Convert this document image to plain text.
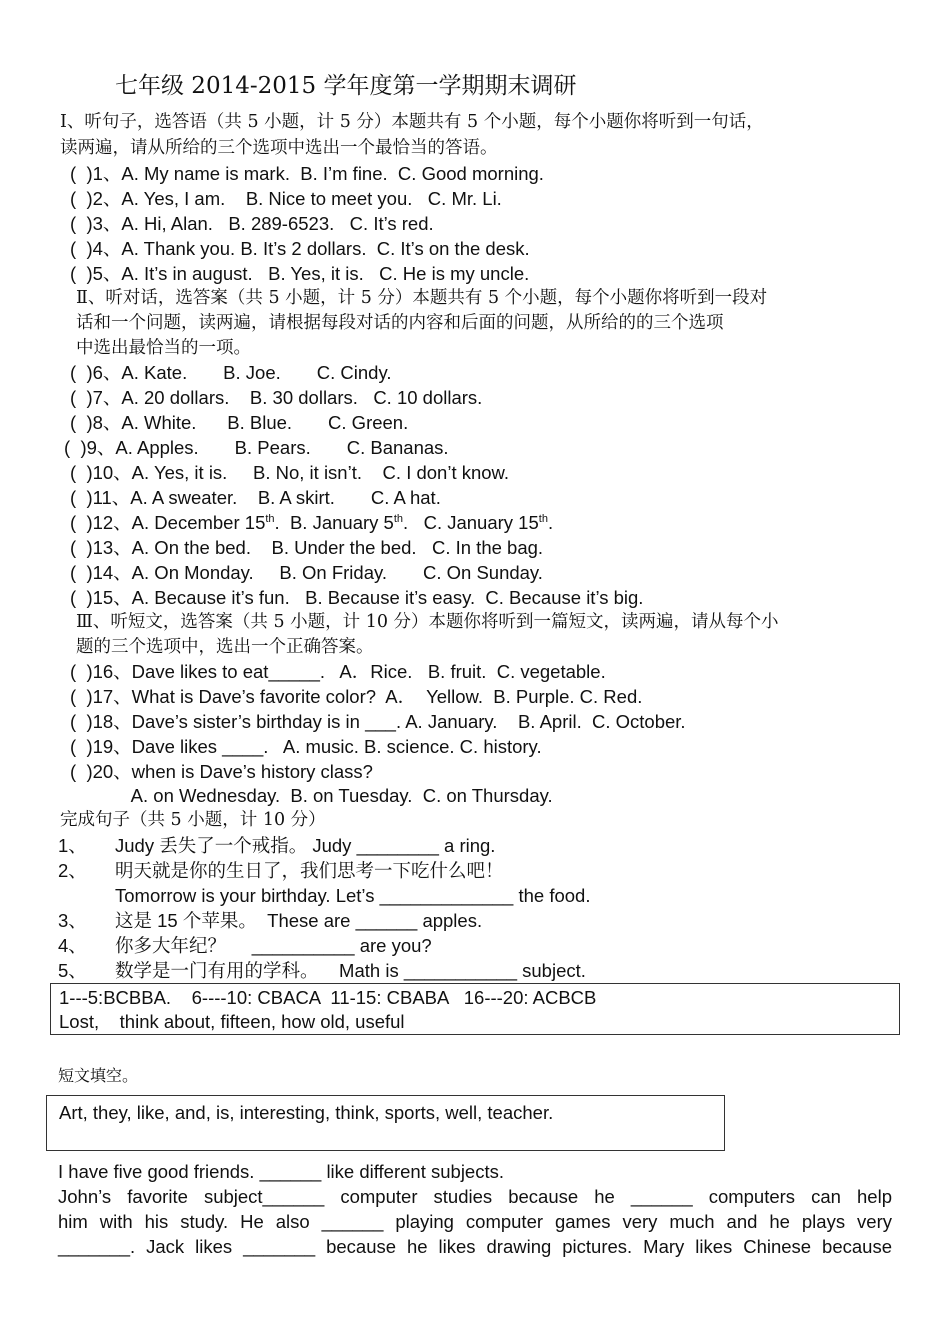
七年级 2014-2015 学年度第一学期期末调研
Ⅰ、听句子，选答语（共 5 小题，计 5 分）本题共有 5 个小题，每个小题你将听到一句话，
读两遍，请从所给的三个选项中选出一个最恰当的答语。
(  )1、A. My name is mark.  B. I’m fine.  C. Good morning.
(  )2、A. Yes, I am.    B. Nice to meet you.   C. Mr. Li.
(  )3、A. Hi, Alan.   B. 289-6523.   C. It’s red.
(  )4、A. Thank you. B. It’s 2 dollars.  C. It’s on the desk.
(  )5、A. It’s in august.   B. Yes, it is.   C. He is my uncle.
Ⅱ、听对话，选答案（共 5 小题，计 5 分）本题共有 5 个小题，每个小题你将听到一段对
话和一个问题，读两遍，请根据每段对话的内容和后面的问题，从所给的的三个选项
中选出最恰当的一项。
(  )6、A. Kate.       B. Joe.       C. Cindy.
(  )7、A. 20 dollars.    B. 30 dollars.   C. 10 dollars.
(  )8、A. White.      B. Blue.       C. Green.
(  )9、A. Apples.       B. Pears.       C. Bananas.
(  )10、A. Yes, it is.     B. No, it isn’t.    C. I don’t know.
(  )11、A. A sweater.    B. A skirt.       C. A hat.
(  )12、A. December 15th.  B. January 5th.   C. January 15th.
(  )13、A. On the bed.    B. Under the bed.   C. In the bag.
(  )14、A. On Monday.     B. On Friday.       C. On Sunday.
(  )15、A. Because it’s fun.   B. Because it’s easy.  C. Because it’s big.
Ⅲ、听短文，选答案（共 5 小题，计 10 分）本题你将听到一篇短文，读两遍，请从每个小
题的三个选项中，选出一个正确答案。
(  )16、Dave likes to eat_____.   A．Rice.   B. fruit.  C. vegetable.
(  )17、What is Dave’s favorite color?  A．  Yellow.  B. Purple. C. Red.
(  )18、Dave’s sister’s birthday is in ___. A. January.    B. April.  C. October.
(  )19、Dave likes ____.   A. music. B. science. C. history.
(  )20、when is Dave’s history class?
A. on Wednesday.  B. on Tuesday.  C. on Thursday.
完成句子（共 5 小题，计 10 分）
1、 Judy 丢失了一个戒指。 Judy ________ a ring.
2、 明天就是你的生日了，我们思考一下吃什么吧！
Tomorrow is your birthday. Let’s _____________ the food.
3、 这是 15 个苹果。  These are ______ apples.
4、 你多大年纪？     __________ are you?
5、 数学是一门有用的学科。    Math is ___________ subject.
1---5:BCBBA.    6----10: CBACA  11-15: CBABA   16---20: ACBCB
Lost,    think about, fifteen, how old, useful
短文填空。
Art, they, like, and, is, interesting, think, sports, well, teacher.
I have five good friends. ______ like different subjects.
John’s favorite subject______ computer studies because he ______ computers can help
him with his study. He also ______ playing computer games very much and he plays very
_______. Jack likes _______ because he likes drawing pictures. Mary likes Chinese because
